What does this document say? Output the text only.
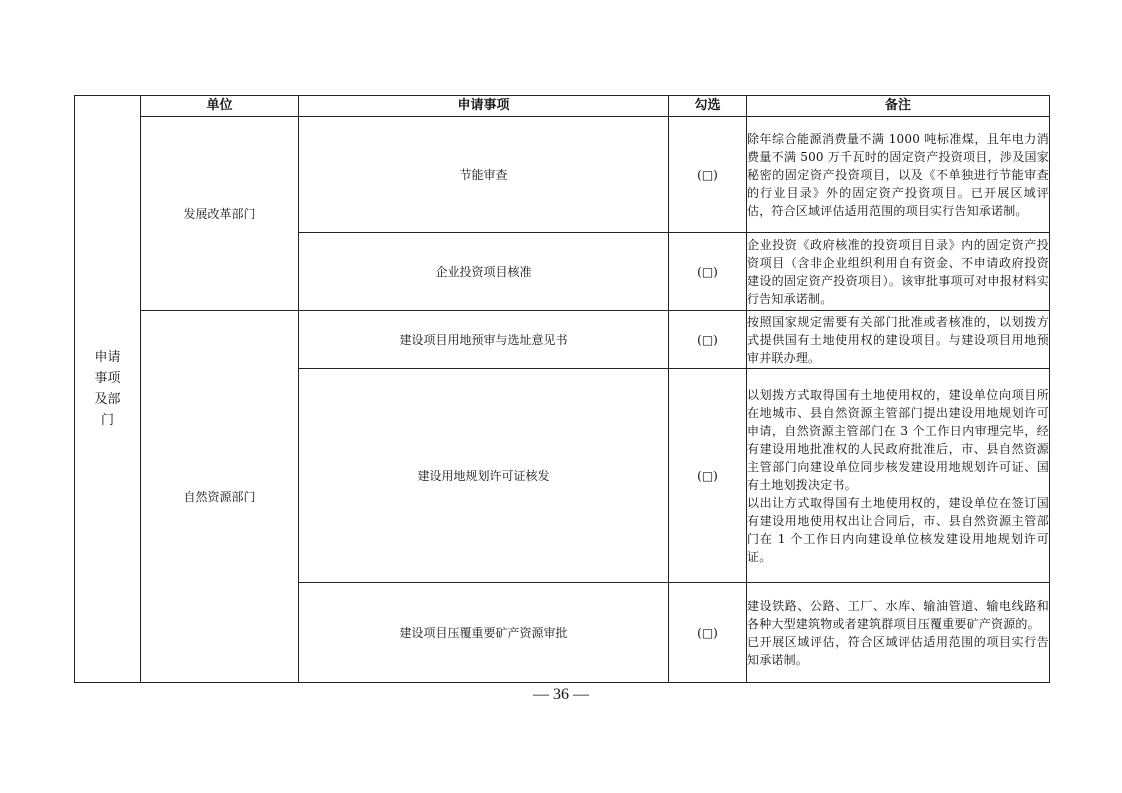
申请事项及部门	单位	申请事项	勾选	备注
	发展改革部门	节能审查	(□)	除年综合能源消费量不满 1000 吨标准煤，且年电力消费量不满 500 万千瓦时的固定资产投资项目，涉及国家秘密的固定资产投资项目，以及《不单独进行节能审查的行业目录》外的固定资产投资项目。已开展区域评估，符合区域评估适用范围的项目实行告知承诺制。

		企业投资项目核准	(□)	企业投资《政府核准的投资项目目录》内的固定资产投资项目（含非企业组织利用自有资金、不申请政府投资建设的固定资产投资项目）。该审批事项可对申报材料实行告知承诺制。

	自然资源部门	建设项目用地预审与选址意见书	(□)	按照国家规定需要有关部门批准或者核准的，以划拨方式提供国有土地使用权的建设项目。与建设项目用地预审并联办理。

		建设用地规划许可证核发	(□)	以划拨方式取得国有土地使用权的，建设单位向项目所在地城市、县自然资源主管部门提出建设用地规划许可申请，自然资源主管部门在 3 个工作日内审理完毕，经有建设用地批准权的人民政府批准后，市、县自然资源主管部门向建设单位同步核发建设用地规划许可证、国有土地划拨决定书。

以出让方式取得国有土地使用权的，建设单位在签订国有建设用地使用权出让合同后，市、县自然资源主管部门在 1 个工作日内向建设单位核发建设用地规划许可证。

		建设项目压覆重要矿产资源审批	(□)	建设铁路、公路、工厂、水库、输油管道、输电线路和各种大型建筑物或者建筑群项目压覆重要矿产资源的。

已开展区域评估，符合区域评估适用范围的项目实行告知承诺制。

— 36 —
